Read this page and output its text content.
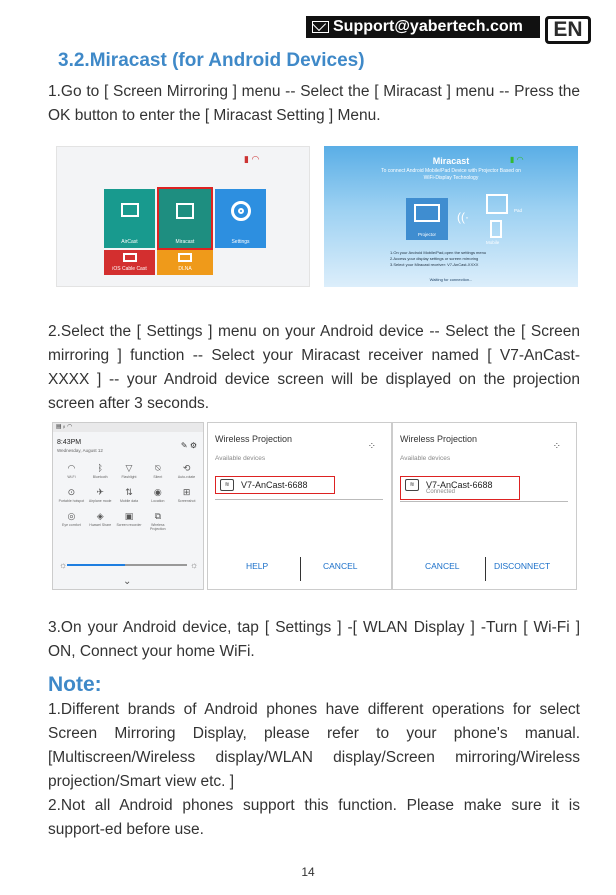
Support@yabertech.com	EN
3.2.Miracast (for Android Devices)
1.Go to [ Screen Mirroring ] menu -- Select the [ Miracast ] menu -- Press the OK button to enter the [ Miracast Setting ] Menu.
▮ ◠
AirCast	Miracast	Settings
iOS Cable Cast	DLNA
▮ ◠
Miracast
To connect Android Mobile/Pad Device with Projector Based on
WiFi-Display Technology
Projector
((·	Pad
Mobile
1.On your Android Mobile/Pad,open the settings menu
2.Access your display settings or screen mirroring
3.Select your Miracast receiver: V7-AnCast-XXXX
Waiting for connection...
2.Select the [ Settings ] menu on your Android device -- Select the [ Screen mirroring ] function -- Select your Miracast receiver named [ V7-AnCast-XXXX ] -- your Android device screen will be displayed on the projection screen after 3 seconds.
▤ ᵢₗ ◠
8:43PM
Wednesday, August 12
✎ ⚙
◠
Wi-Fi
ᛒ
Bluetooth
▽
Flashlight
⍉
Silent
⟲
Auto-rotate
⊙
Portable hotspot
✈
Airplane mode
⇅
Mobile data
◉
Location
⊞
Screenshot
◎
Eye comfort
◈
Huawei Share
▣
Screen recorder
⧉
Wireless Projection
☼	☼
⌄
Wireless Projection
Available devices
⁘
≋	V7-AnCast-6688
HELP	CANCEL
Wireless Projection
Available devices
⁘
≋	V7-AnCast-6688
Connected
CANCEL	DISCONNECT
3.On your Android device, tap [ Settings ] -[ WLAN Display ] -Turn [ Wi-Fi ] ON, Connect your home WiFi.
Note:
1.Different brands of Android phones have different operations for select Screen Mirroring Display, please refer to your phone's manual. [Multiscreen/Wireless display/WLAN display/Screen mirroring/Wireless projection/Smart view etc. ]
2.Not all Android phones support this function. Please make sure it is support-ed before use.
14
